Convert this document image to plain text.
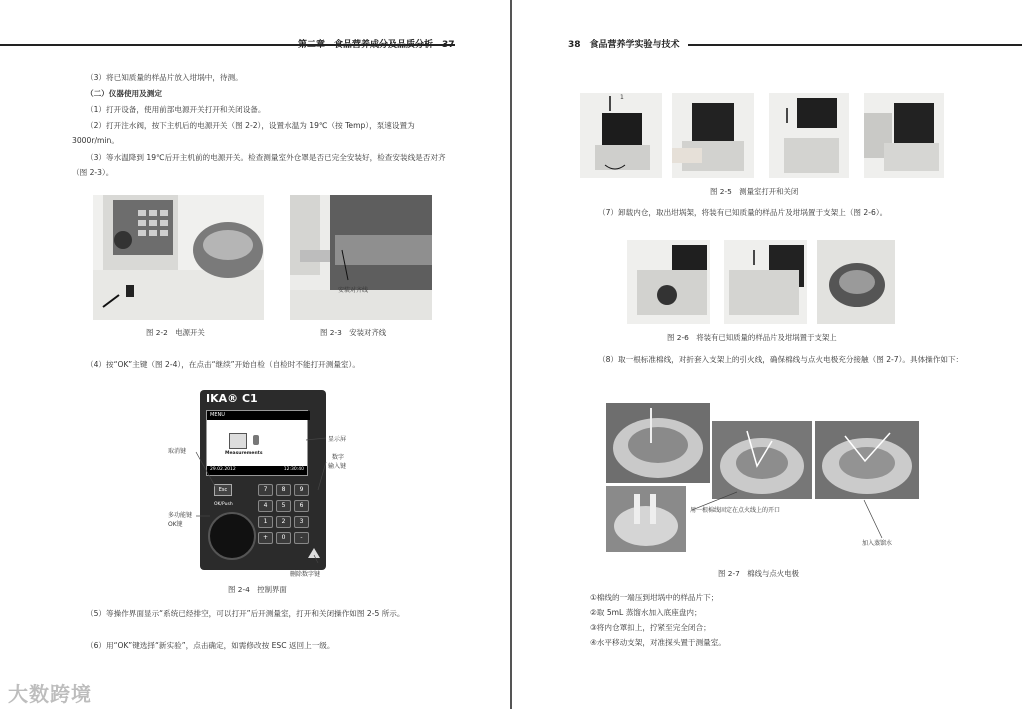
第二章　食品营养成分及品质分析　37
（3）将已知质量的样品片放入坩埚中，待测。
（二）仪器使用及测定
（1）打开设备，使用前部电源开关打开和关闭设备。
（2）打开注水阀，按下主机后的电源开关（图 2-2），设置水温为 19℃（按 Temp），泵速设置为 3000r/min。
（3）等水温降到 19℃后开主机前的电源开关。检查测量室外仓罩是否已完全安装好，检查安装线是否对齐（图 2-3）。
图 2-2　电源开关
安装对齐线
图 2-3　安装对齐线
（4）按“OK”主键（图 2-4），在点击“继续”开始自检（自检时不能打开测量室）。
IKA® C1
MENU
Measurements
29.02.2012	12:30:40
Esc
OK/Push
7	8	9
4	5	6
1	2	3
+	0	-
取消键
多功能键
OK键
显示屏
数字
输入键
删除数字键
图 2-4　控制界面
（5）等操作界面显示“系统已经排空，可以打开”后开测量室，打开和关闭操作如图 2-5 所示。
（6）用“OK”键选择“新实验”，点击确定，如需修改按 ESC 返回上一级。
38　食品营养学实验与技术
1
图 2-5　测量室打开和关闭
（7）卸载内仓，取出坩埚架，将装有已知质量的样品片及坩埚置于支架上（图 2-6）。
图 2-6　将装有已知质量的样品片及坩埚置于支架上
（8）取一根标准棉线，对折套入支架上的引火线，确保棉线与点火电极充分接触（图 2-7）。具体操作如下：
用一根棉线固定在点火线上的开口
加入蒸馏水
图 2-7　棉线与点火电极
①棉线的一端压到坩埚中的样品片下；
②取 5mL 蒸馏水加入底座盘内；
③将内仓罩扣上，拧紧至完全闭合；
④水平移动支架，对准探头置于测量室。
大数跨境
